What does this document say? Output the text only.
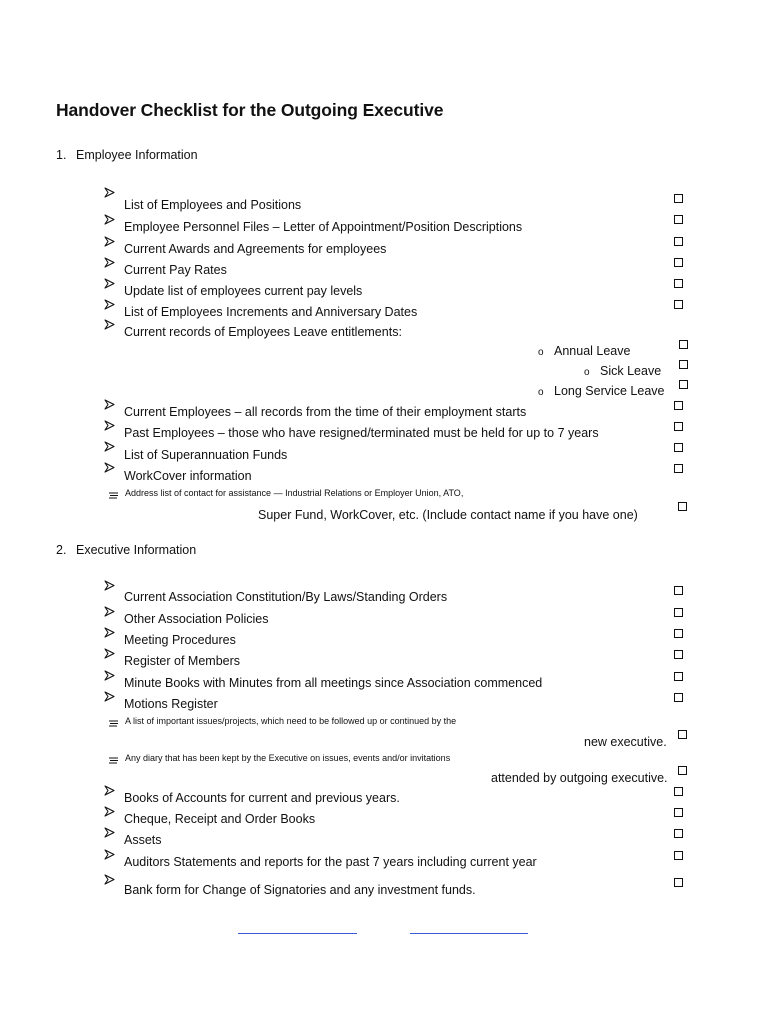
Handover Checklist for the Outgoing Executive
1. Employee Information
List of Employees and Positions
Employee Personnel Files – Letter of Appointment/Position Descriptions
Current Awards and Agreements for employees
Current Pay Rates
Update list of employees current pay levels
List of Employees Increments and Anniversary Dates
Current records of Employees Leave entitlements:
o Annual Leave
o Sick Leave
o Long Service Leave
Current Employees – all records from the time of their employment starts
Past Employees – those who have resigned/terminated must be held for up to 7 years
List of Superannuation Funds
WorkCover information
Address list of contact for assistance — Industrial Relations or Employer Union, ATO,
Super Fund, WorkCover, etc. (Include contact name if you have one)
2. Executive Information
Current Association Constitution/By Laws/Standing Orders
Other Association Policies
Meeting Procedures
Register of Members
Minute Books with Minutes from all meetings since Association commenced
Motions Register
A list of important issues/projects, which need to be followed up or continued by the
new executive.
Any diary that has been kept by the Executive on issues, events and/or invitations
attended by outgoing executive.
Books of Accounts for current and previous years.
Cheque, Receipt and Order Books
Assets
Auditors Statements and reports for the past 7 years including current year
Bank form for Change of Signatories and any investment funds.
